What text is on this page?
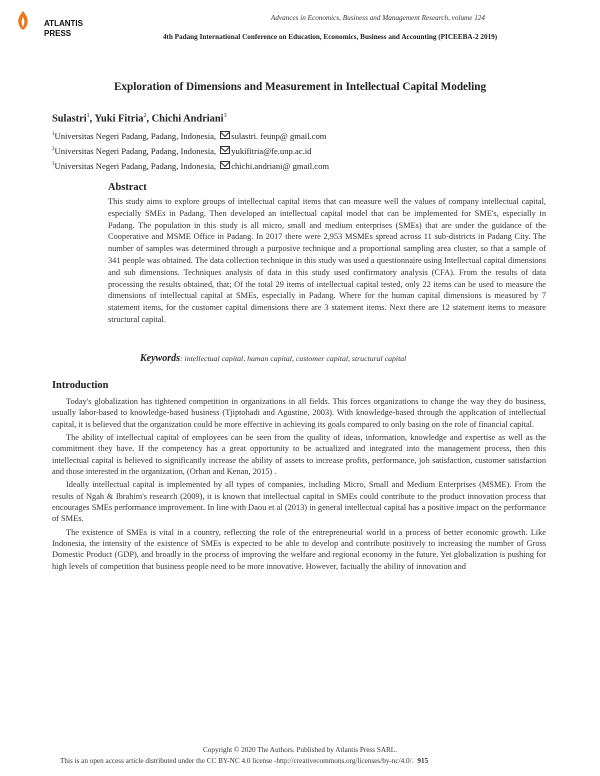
ATLANTIS
PRESS
Advances in Economics, Business and Management Research, volume 124
4th Padang International Conference on Education, Economics, Business and Accounting (PICEEBA-2 2019)
Exploration of Dimensions and Measurement in Intellectual Capital Modeling
Sulastri$^1$, Yuki Fitria$^2$, Chichi Andriani$^3$
$^1$Universitas Negeri Padang, Padang, Indonesia, sulastri. feunp@ gmail.com
$^2$Universitas Negeri Padang, Padang, Indonesia, yukifitria@fe.unp.ac.id
$^3$Universitas Negeri Padang, Padang, Indonesia, chichi.andriani@ gmail.com
Abstract
This study aims to explore groups of intellectual capital items that can measure well the values of company intellectual capital, especially SMEs in Padang. Then developed an intellectual capital model that can be implemented for SME's, especially in Padang. The population in this study is all micro, small and medium enterprises (SMEs) that are under the guidance of the Cooperative and MSME Office in Padang. In 2017 there were 2,953 MSMEs spread across 11 sub-districts in Padang City. The number of samples was determined through a purposive technique and a proportional sampling area cluster, so that a sample of 341 people was obtained. The data collection technique in this study was used a questionnaire using Intellectual capital dimensions and sub dimensions. Techniques analysis of data in this study used confirmatory analysis (CFA). From the results of data processing the results obtained, that; Of the total 29 items of intellectual capital tested, only 22 items can be used to measure the dimensions of intellectual capital at SMEs, especially in Padang. Where for the human capital dimensions is measured by 7 statement items, for the customer capital dimensions there are 3 statement items. Next there are 12 statement items to measure structural capital.
Keywords: intellectual capital, human capital, customer capital, structural capital
Introduction

Today's globalization has tightened competition in organizations in all fields. This forces organizations to change the way they do business, usually labor-based to knowledge-based business (Tjiptohadi and Agustine, 2003). With knowledge-based through the application of intellectual capital, it is believed that the organization could be more effective in achieving its goals compared to only basing on the role of financial capital.

The ability of intellectual capital of employees can be seen from the quality of ideas, information, knowledge and expertise as well as the commitment they have. If the competency has a great opportunity to be actualized and integrated into the management process, then this intellectual capital is believed to significantly increase the ability of assets to increase profits, performance, job satisfaction, customer satisfaction and those interested in the organization, (Orhan and Kenan, 2015) .

Ideally intellectual capital is implemented by all types of companies, including Micro, Small and Medium Enterprises (MSME). From the results of Ngah & Ibrahim's research (2009), it is known that intellectual capital in SMEs could contribute to the product innovation process that encourages SMEs performance improvement. In line with Daou et al (2013) in general intellectual capital has a positive impact on the performance of SMEs.

The existence of SMEs is vital in a country, reflecting the role of the entrepreneurial world in a process of better economic growth. Like Indonesia, the intensity of the existence of SMEs is expected to be able to develop and contribute positively to increasing the number of Gross Domestic Product (GDP), and broadly in the process of improving the welfare and regional economy in the future. Yet globalization is pushing for high levels of competition that business people need to be more innovative. However, factually the ability of innovation and

Copyright © 2020 The Authors. Published by Atlantis Press SARL.
This is an open access article distributed under the CC BY-NC 4.0 license -http://creativecommons.org/licenses/by-nc/4.0/. 915
